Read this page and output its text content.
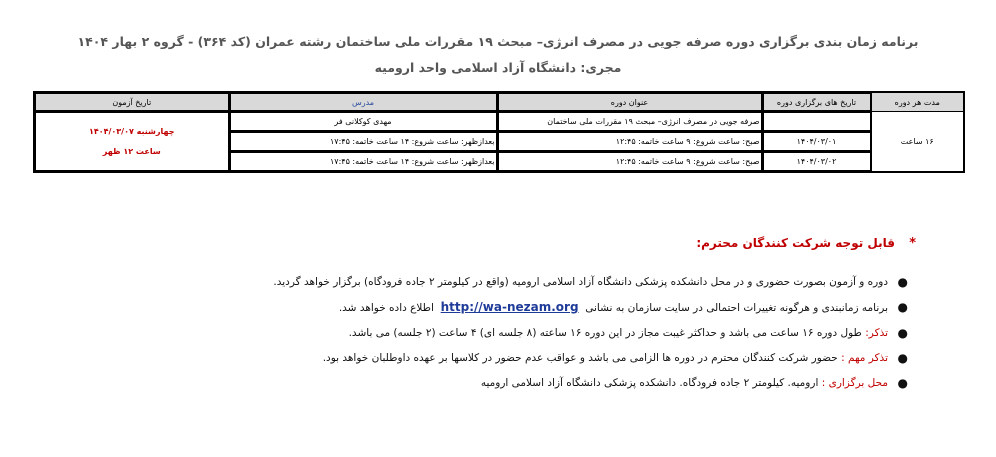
برنامه زمان بندی برگزاری دوره صرفه جویی در مصرف انرژی– مبحث ۱۹ مقررات ملی ساختمان رشته عمران (کد ۳۶۴) - گروه ۲ بهار ۱۴۰۴
مجری: دانشگاه آزاد اسلامی واحد ارومیه
مدت هر دوره	تاریخ های برگزاری دوره	عنوان دوره	مدرس	تاریخ آزمون
۱۶ ساعت		صرفه جویی در مصرف انرژی– مبحث ۱۹ مقررات ملی ساختمان	مهدی کوکلانی فر	چهارشنبه ۱۴۰۴/۰۳/۰۷
ساعت ۱۲ ظهر

	۱۴۰۴/۰۳/۰۱	صبح: ساعت شروع: ۹ ساعت خاتمه: ۱۲:۴۵	بعدازظهر: ساعت شروع: ۱۴ ساعت خاتمه: ۱۷:۴۵	
	۱۴۰۴/۰۳/۰۲	صبح: ساعت شروع: ۹ ساعت خاتمه: ۱۲:۴۵	بعدازظهر: ساعت شروع: ۱۴ ساعت خاتمه: ۱۷:۴۵	
* قابل توجه شرکت کنندگان محترم:
●
دوره و آزمون بصورت حضوری و در محل دانشکده پزشکی دانشگاه آزاد اسلامی ارومیه (واقع در کیلومتر ۲ جاده فرودگاه) برگزار خواهد گردید.
●
برنامه زمانبندی و هرگونه تغییرات احتمالی در سایت سازمان به نشانی  http://wa-nezam.org  اطلاع داده خواهد شد.
●
تذکر: طول دوره ۱۶ ساعت می باشد و حداکثر غیبت مجاز در این دوره ۱۶ ساعته (۸ جلسه ای) ۴ ساعت (۲ جلسه) می باشد.
●
تذکر مهم : حضور شرکت کنندگان محترم در دوره ها الزامی می باشد و عواقب عدم حضور در کلاسها بر عهده داوطلبان خواهد بود.
●
محل برگزاری : ارومیه. کیلومتر ۲ جاده فرودگاه. دانشکده پزشکی دانشگاه آزاد اسلامی ارومیه
